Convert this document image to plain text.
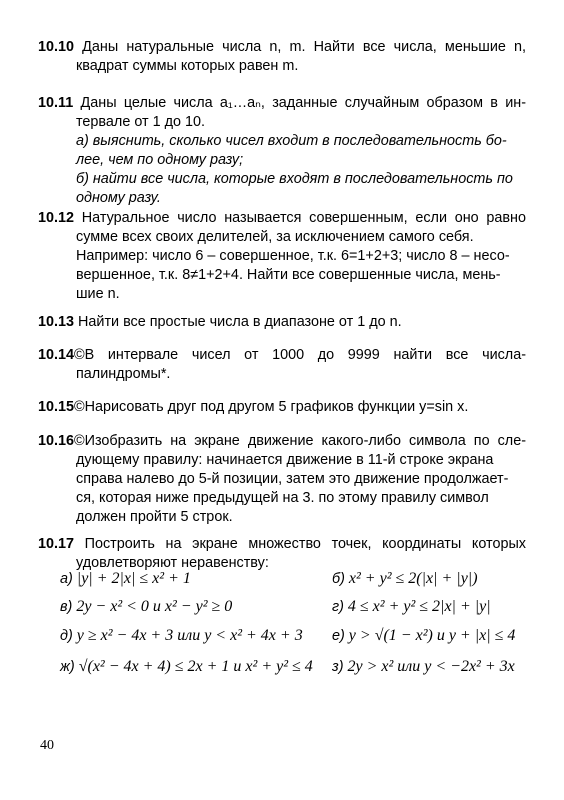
10.10 Даны натуральные числа n, m. Найти все числа, меньшие n,
квадрат суммы которых равен m.
10.11 Даны целые числа a₁…aₙ, заданные случайным образом в ин-
тервале от 1 до 10.
а) выяснить, сколько чисел входит в последовательность бо-
лее, чем по одному разу;
б) найти все числа, которые входят в последовательность по
одному разу.
10.12 Натуральное число называется совершенным, если оно равно
сумме всех своих делителей, за исключением самого себя.
Например: число 6 – совершенное, т.к. 6=1+2+3; число 8 – несо-
вершенное, т.к. 8≠1+2+4. Найти все совершенные числа, мень-
шие n.
10.13 Найти все простые числа в диапазоне от 1 до n.
10.14©В интервале чисел от 1000 до 9999 найти все числа-
палиндромы*.
10.15©Нарисовать друг под другом 5 графиков функции y=sin x.
10.16©Изобразить на экране движение какого-либо символа по сле-
дующему правилу: начинается движение в 11-й строке экрана
справа налево до 5-й позиции, затем это движение продолжает-
ся, которая ниже предыдущей на 3. по этому правилу символ
должен пройти 5 строк.
10.17 Построить на экране множество точек, координаты которых
удовлетворяют неравенству:
а) |y| + 2|x| ≤ x² + 1	б) x² + y² ≤ 2(|x| + |y|)
в) 2y − x² < 0 и x² − y² ≥ 0	г) 4 ≤ x² + y² ≤ 2|x| + |y|
д) y ≥ x² − 4x + 3 или y < x² + 4x + 3 е) y > √(1 − x²) и y + |x| ≤ 4
ж) √(x² − 4x + 4) ≤ 2x + 1 и x² + y² ≤ 4 з) 2y > x² или y < −2x² + 3x
40
